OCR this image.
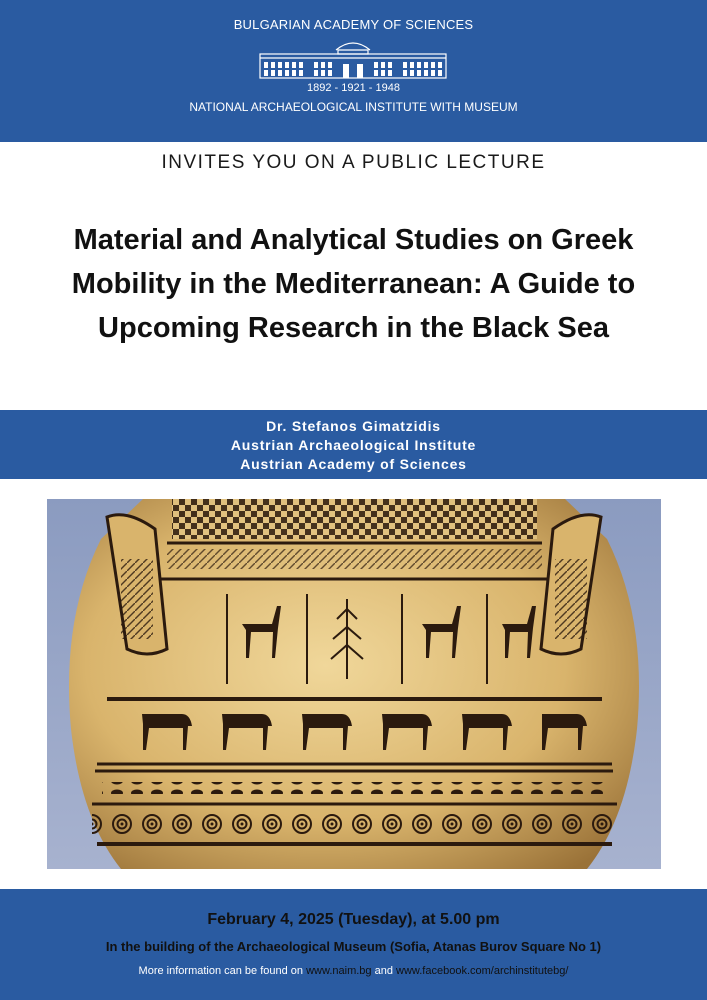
BULGARIAN ACADEMY OF SCIENCES
1892 - 1921 - 1948
NATIONAL ARCHAEOLOGICAL INSTITUTE WITH MUSEUM
INVITES YOU ON A PUBLIC LECTURE
Material and Analytical Studies on Greek
Mobility in the Mediterranean: A Guide to
Upcoming Research in the Black Sea
Dr. Stefanos Gimatzidis
Austrian Archaeological Institute
Austrian Academy of Sciences
February 4, 2025 (Tuesday), at 5.00 pm
In the building of the Archaeological Museum (Sofia, Atanas Burov Square No 1)
More information can be found on www.naim.bg and www.facebook.com/archinstitutebg/
